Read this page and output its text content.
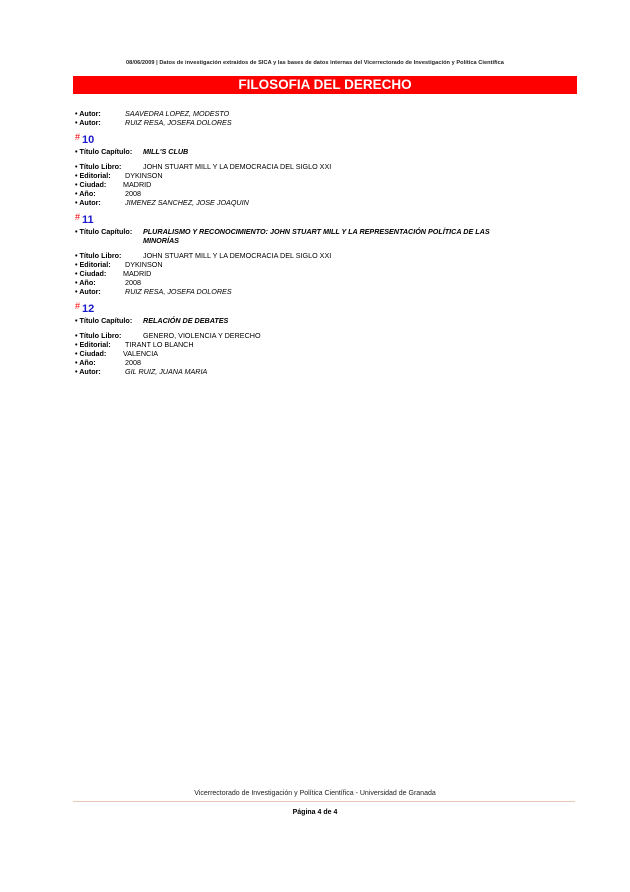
08/06/2009 | Datos de investigación extraídos de SICA y las bases de datos internas del Vicerrectorado de Investigación y Política Científica
FILOSOFIA DEL DERECHO
• Autor:	SAAVEDRA LOPEZ, MODESTO
• Autor:	RUIZ RESA, JOSEFA DOLORES
# 10
• Título Capítulo: MILL'S CLUB
• Título Libro:	JOHN STUART MILL Y LA DEMOCRACIA DEL SIGLO XXI
• Editorial: DYKINSON
• Ciudad: MADRID
• Año:	2008
• Autor:	JIMENEZ SANCHEZ, JOSE JOAQUIN
# 11
• Título Capítulo: PLURALISMO Y RECONOCIMIENTO: JOHN STUART MILL Y LA REPRESENTACIÓN POLÍTICA DE LAS MINORÍAS
• Título Libro:	JOHN STUART MILL Y LA DEMOCRACIA DEL SIGLO XXI
• Editorial: DYKINSON
• Ciudad: MADRID
• Año:	2008
• Autor:	RUIZ RESA, JOSEFA DOLORES
# 12
• Título Capítulo: RELACIÓN DE DEBATES
• Título Libro:	GENERO, VIOLENCIA Y DERECHO
• Editorial: TIRANT LO BLANCH
• Ciudad: VALENCIA
• Año:	2008
• Autor:	GIL RUIZ, JUANA MARIA
Vicerrectorado de Investigación y Política Científica - Universidad de Granada
Página 4 de 4
